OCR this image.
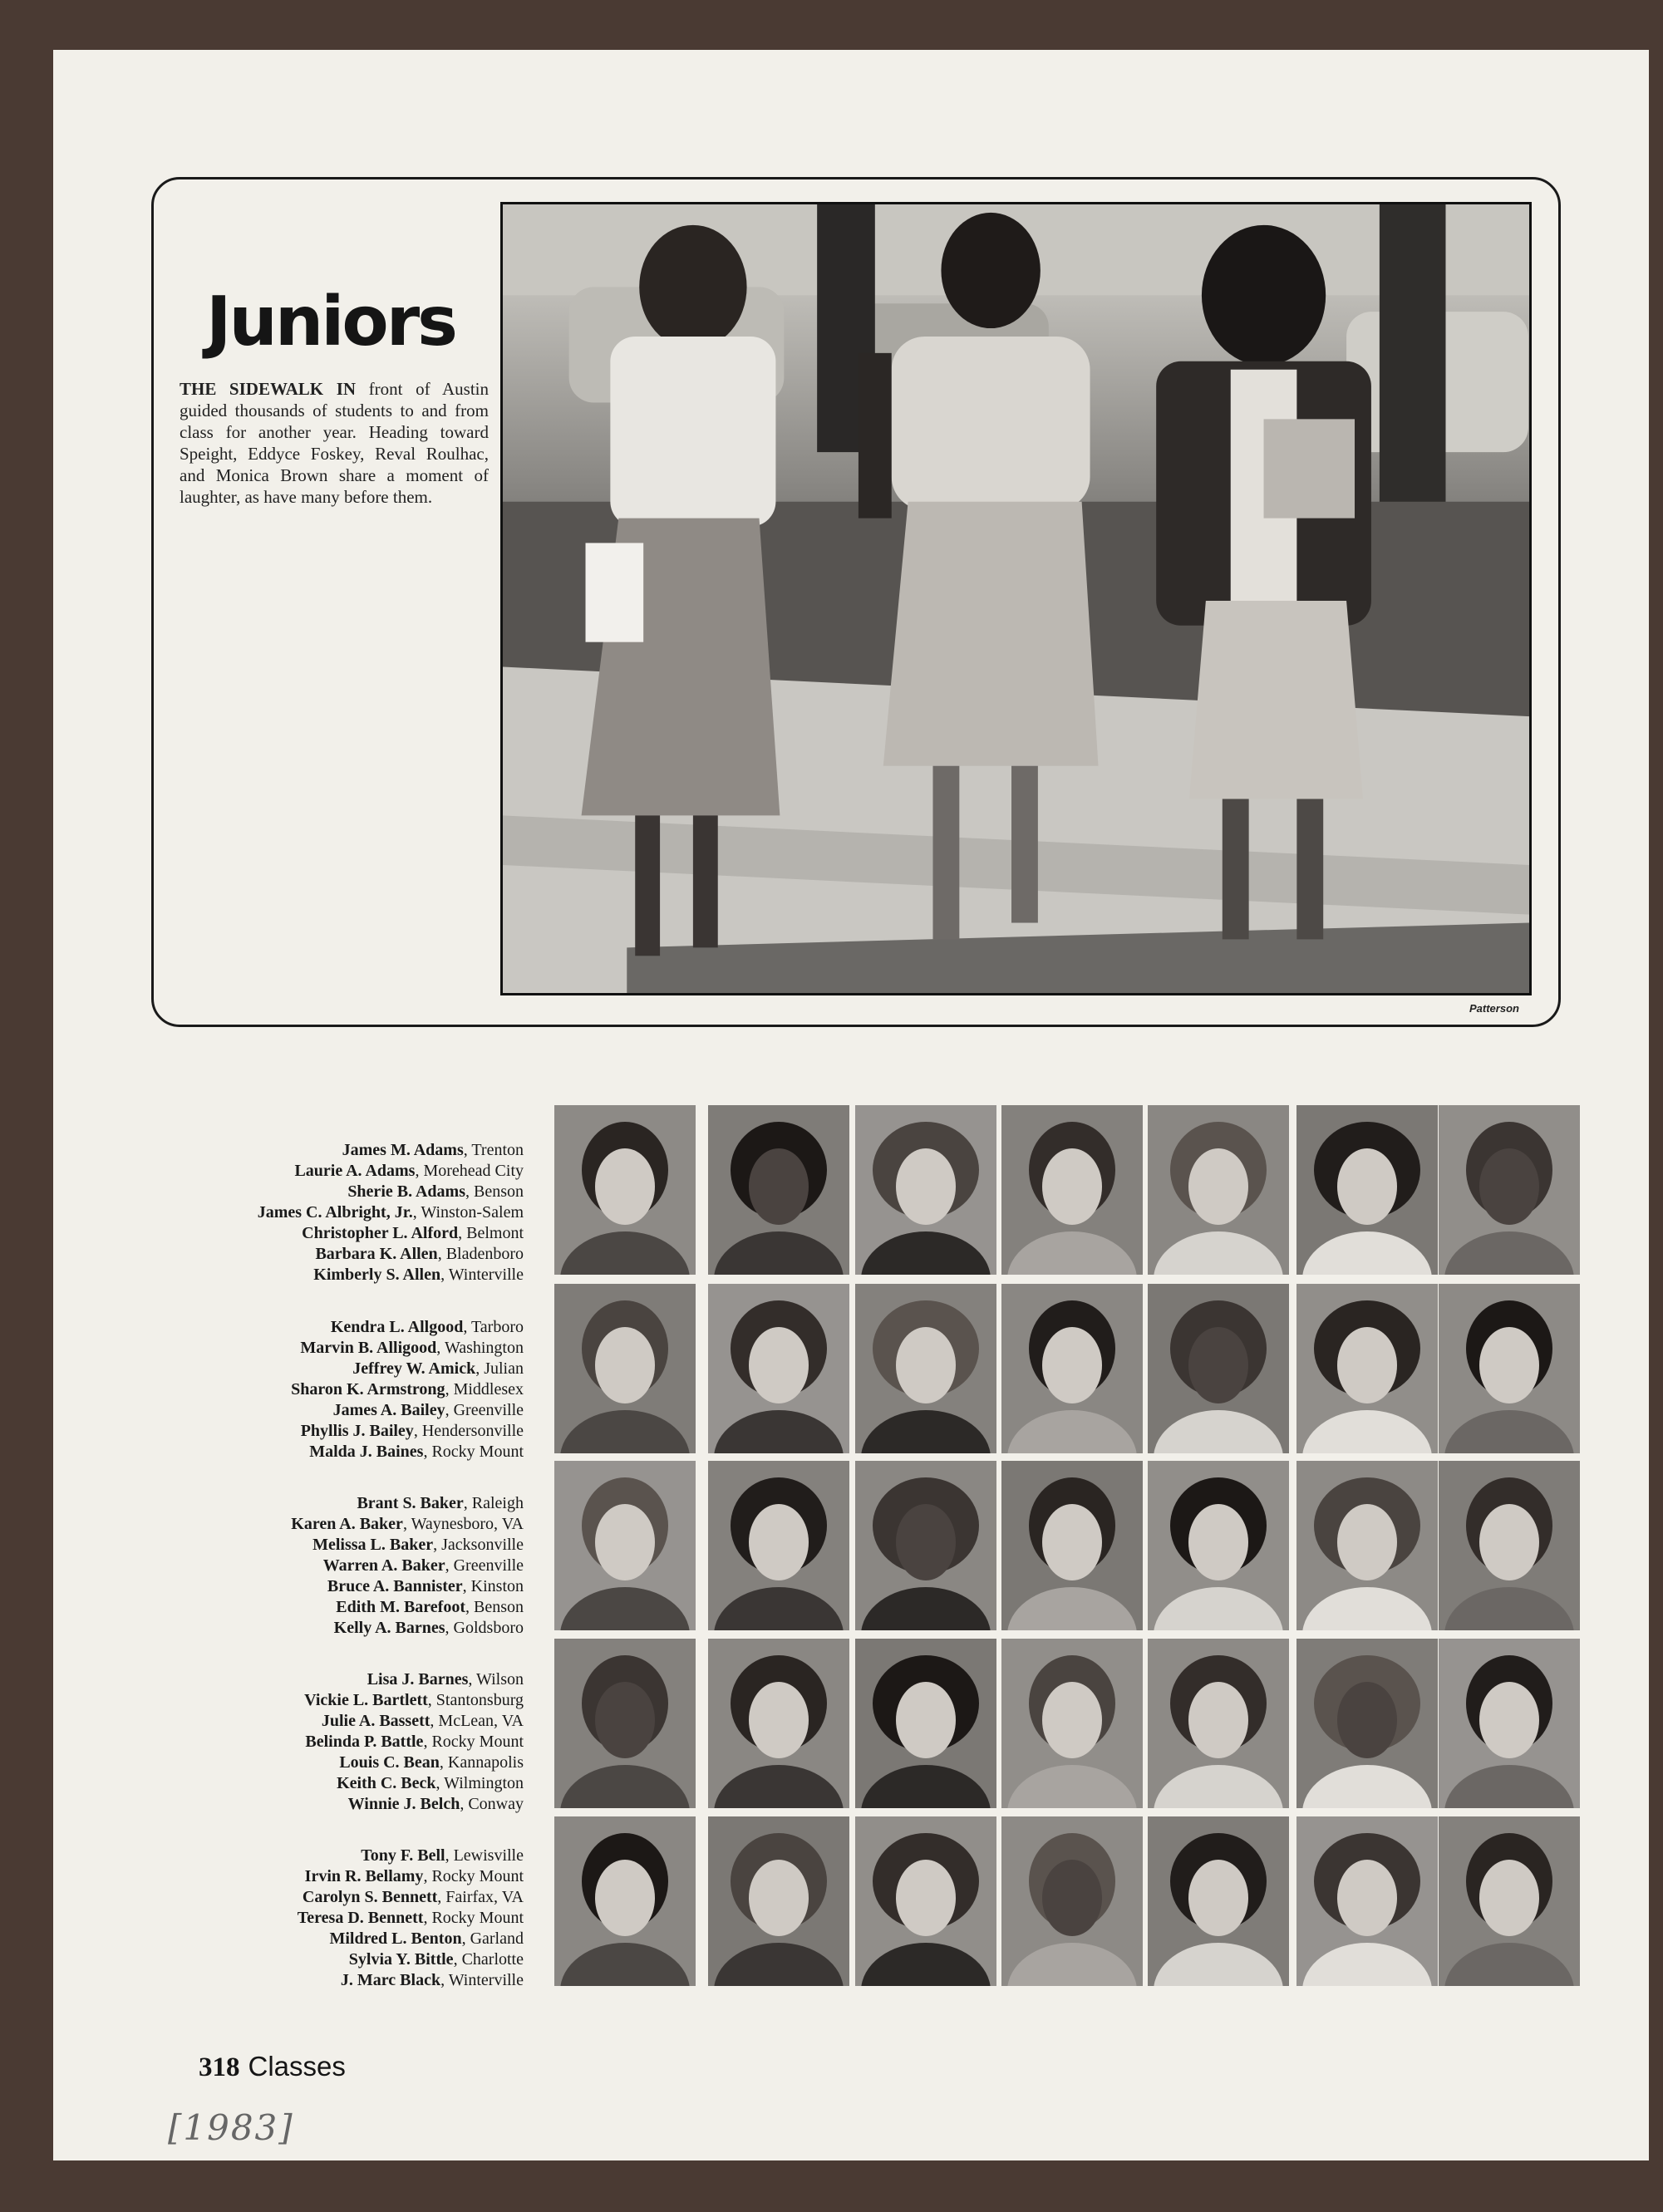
Juniors
THE SIDEWALK IN front of Austin guided thousands of students to and from class for another year. Heading toward Speight, Eddyce Foskey, Reval Roulhac, and Monica Brown share a moment of laughter, as have many before them.
Patterson
James M. Adams, Trenton
Laurie A. Adams, Morehead City
Sherie B. Adams, Benson
James C. Albright, Jr., Winston-Salem
Christopher L. Alford, Belmont
Barbara K. Allen, Bladenboro
Kimberly S. Allen, Winterville
Kendra L. Allgood, Tarboro
Marvin B. Alligood, Washington
Jeffrey W. Amick, Julian
Sharon K. Armstrong, Middlesex
James A. Bailey, Greenville
Phyllis J. Bailey, Hendersonville
Malda J. Baines, Rocky Mount
Brant S. Baker, Raleigh
Karen A. Baker, Waynesboro, VA
Melissa L. Baker, Jacksonville
Warren A. Baker, Greenville
Bruce A. Bannister, Kinston
Edith M. Barefoot, Benson
Kelly A. Barnes, Goldsboro
Lisa J. Barnes, Wilson
Vickie L. Bartlett, Stantonsburg
Julie A. Bassett, McLean, VA
Belinda P. Battle, Rocky Mount
Louis C. Bean, Kannapolis
Keith C. Beck, Wilmington
Winnie J. Belch, Conway
Tony F. Bell, Lewisville
Irvin R. Bellamy, Rocky Mount
Carolyn S. Bennett, Fairfax, VA
Teresa D. Bennett, Rocky Mount
Mildred L. Benton, Garland
Sylvia Y. Bittle, Charlotte
J. Marc Black, Winterville
318 Classes
[1983]
